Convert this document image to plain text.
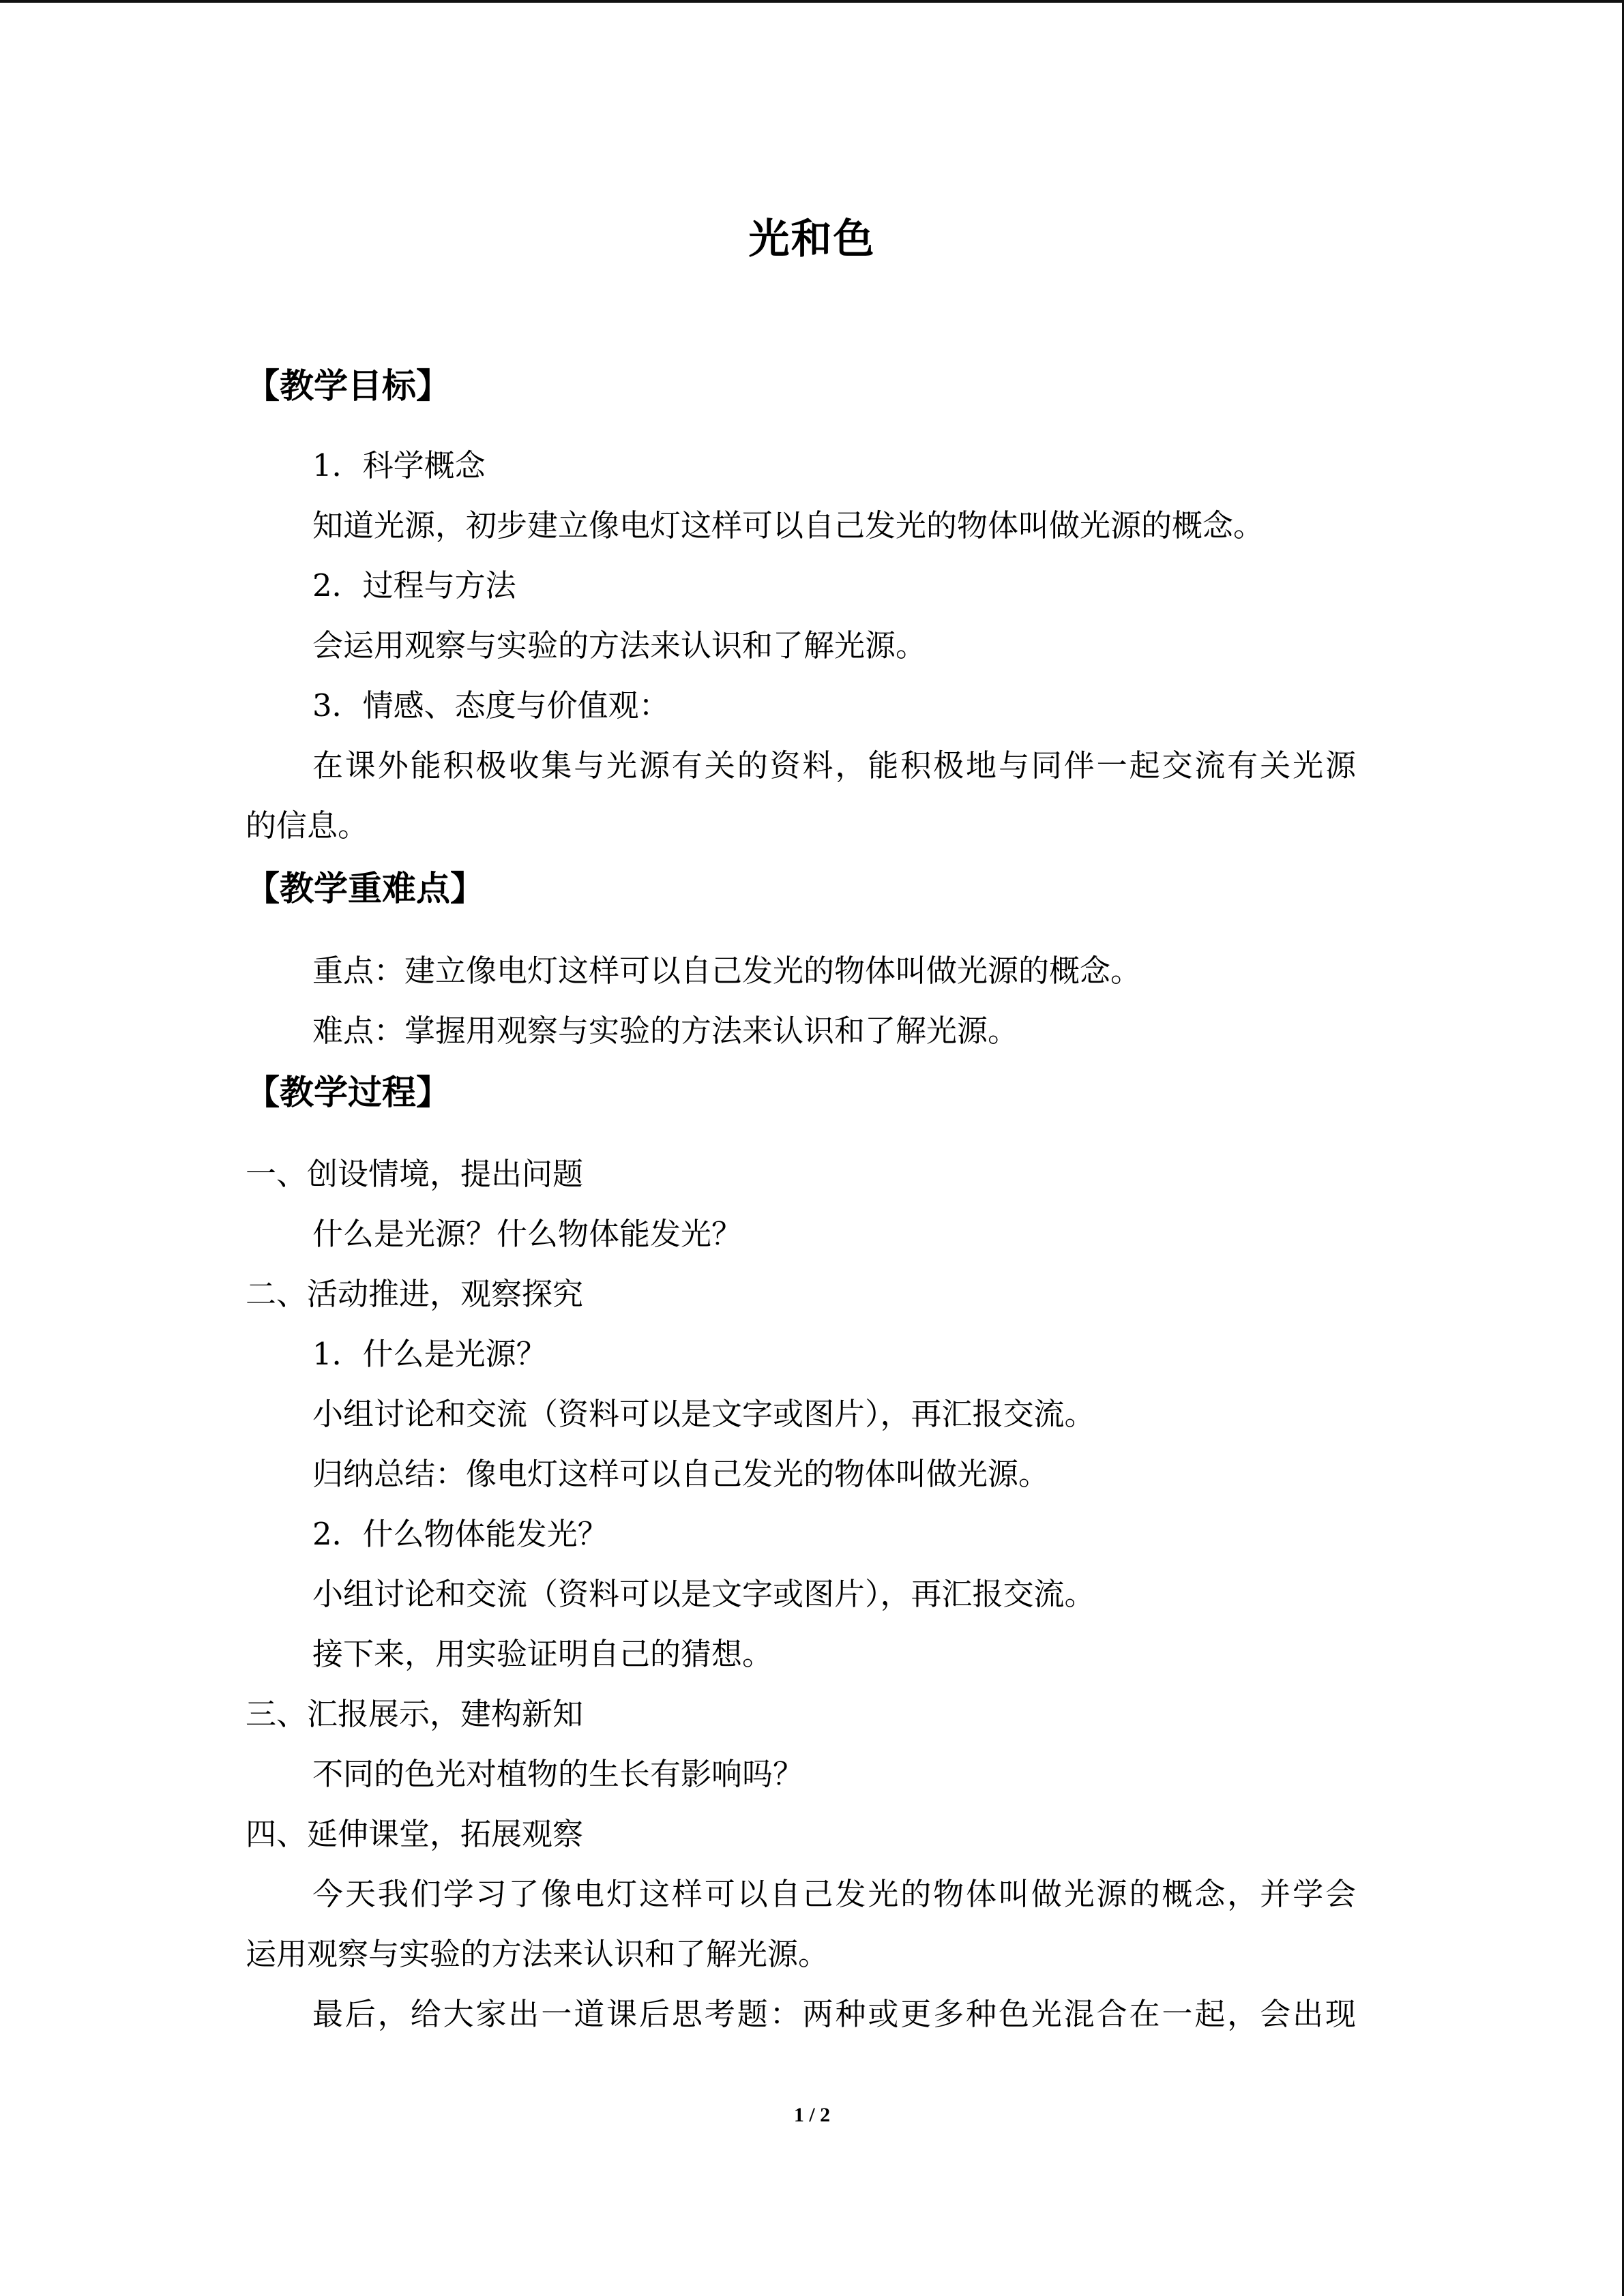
光和色
【教学目标】
1．科学概念
知道光源，初步建立像电灯这样可以自己发光的物体叫做光源的概念。
2．过程与方法
会运用观察与实验的方法来认识和了解光源。
3．情感、态度与价值观：
在课外能积极收集与光源有关的资料，能积极地与同伴一起交流有关光源
的信息。
【教学重难点】
重点：建立像电灯这样可以自己发光的物体叫做光源的概念。
难点：掌握用观察与实验的方法来认识和了解光源。
【教学过程】
一、创设情境，提出问题
什么是光源？什么物体能发光？
二、活动推进，观察探究
1．什么是光源？
小组讨论和交流（资料可以是文字或图片），再汇报交流。
归纳总结：像电灯这样可以自己发光的物体叫做光源。
2．什么物体能发光？
小组讨论和交流（资料可以是文字或图片），再汇报交流。
接下来，用实验证明自己的猜想。
三、汇报展示，建构新知
不同的色光对植物的生长有影响吗？
四、延伸课堂，拓展观察
今天我们学习了像电灯这样可以自己发光的物体叫做光源的概念，并学会
运用观察与实验的方法来认识和了解光源。
最后，给大家出一道课后思考题：两种或更多种色光混合在一起，会出现
1 / 2
